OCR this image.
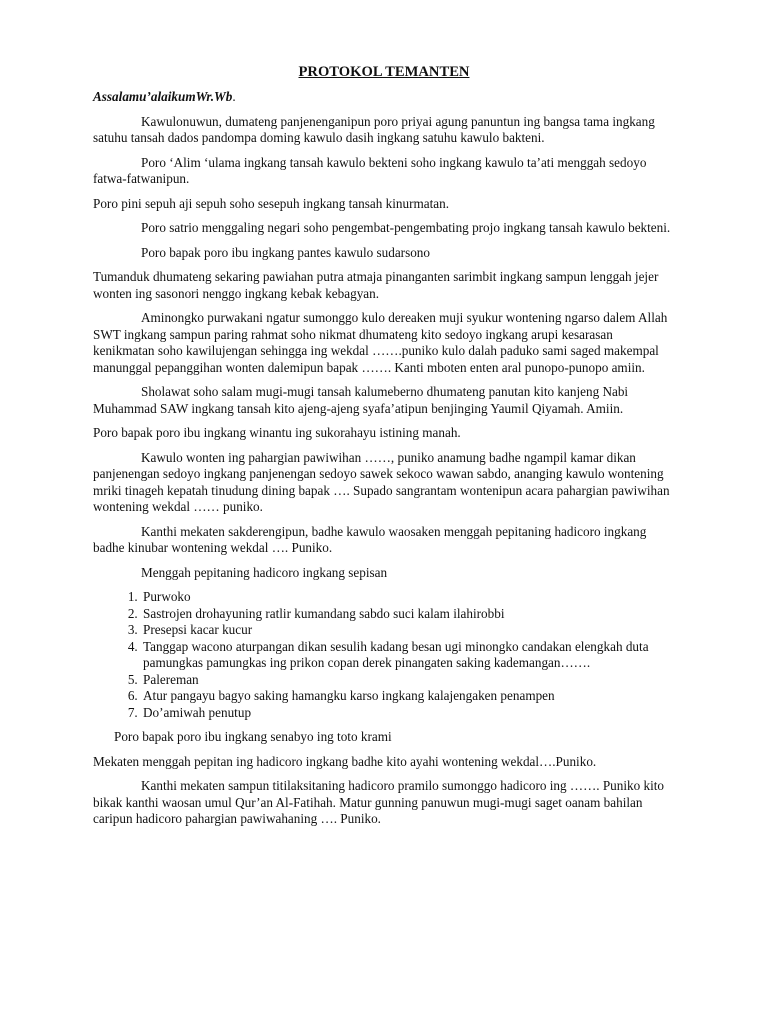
PROTOKOL TEMANTEN

Assalamu’alaikumWr.Wb.

Kawulonuwun, dumateng panjenenganipun poro priyai agung panuntun ing bangsa tama ingkang satuhu tansah dados pandompa doming kawulo dasih ingkang satuhu kawulo bakteni.

Poro ‘Alim ‘ulama ingkang tansah kawulo bekteni soho ingkang kawulo ta’ati menggah sedoyo fatwa-fatwanipun.

Poro pini sepuh aji sepuh soho sesepuh ingkang tansah kinurmatan.

Poro satrio menggaling negari soho pengembat-pengembating projo ingkang tansah kawulo bekteni.

Poro bapak poro ibu ingkang pantes kawulo sudarsono

Tumanduk dhumateng sekaring pawiahan putra atmaja pinanganten sarimbit ingkang sampun lenggah jejer wonten ing sasonori nenggo ingkang kebak kebagyan.

Aminongko purwakani ngatur sumonggo kulo dereaken muji syukur wontening ngarso dalem Allah SWT ingkang sampun paring rahmat soho nikmat dhumateng kito sedoyo ingkang arupi kesarasan kenikmatan soho kawilujengan sehingga ing wekdal …….puniko kulo dalah paduko sami saged makempal manunggal pepanggihan wonten dalemipun bapak ……. Kanti mboten enten aral punopo-punopo amiin.

Sholawat soho salam mugi-mugi tansah kalumeberno dhumateng panutan kito kanjeng Nabi Muhammad SAW ingkang tansah kito ajeng-ajeng syafa’atipun benjinging Yaumil Qiyamah. Amiin.

Poro bapak poro ibu ingkang winantu ing sukorahayu istining manah.

Kawulo wonten ing pahargian pawiwihan ……, puniko anamung badhe ngampil kamar dikan panjenengan sedoyo ingkang panjenengan sedoyo sawek sekoco wawan sabdo, ananging kawulo wontening mriki tinageh kepatah tinudung dining bapak …. Supado sangrantam wontenipun acara pahargian pawiwihan wontening wekdal …… puniko.

Kanthi mekaten sakderengipun, badhe kawulo waosaken menggah pepitaning hadicoro ingkang badhe kinubar wontening wekdal …. Puniko.

Menggah pepitaning hadicoro ingkang sepisan

1. Purwoko
2. Sastrojen drohayuning ratlir kumandang sabdo suci kalam ilahirobbi
3. Presepsi kacar kucur
4. Tanggap wacono aturpangan dikan sesulih kadang besan ugi minongko candakan elengkah duta pamungkas pamungkas ing prikon copan derek pinangaten saking kademangan…….
5. Palereman
6. Atur pangayu bagyo saking hamangku karso ingkang kalajengaken penampen
7. Do’amiwah penutup

Poro bapak poro ibu ingkang senabyo ing toto krami

Mekaten menggah pepitan ing hadicoro ingkang badhe kito ayahi wontening wekdal….Puniko.

Kanthi mekaten sampun titilaksitaning hadicoro pramilo sumonggo hadicoro ing ……. Puniko kito bikak kanthi waosan umul Qur’an Al-Fatihah. Matur gunning panuwun mugi-mugi saget oanam bahilan caripun hadicoro pahargian pawiwahaning …. Puniko.
